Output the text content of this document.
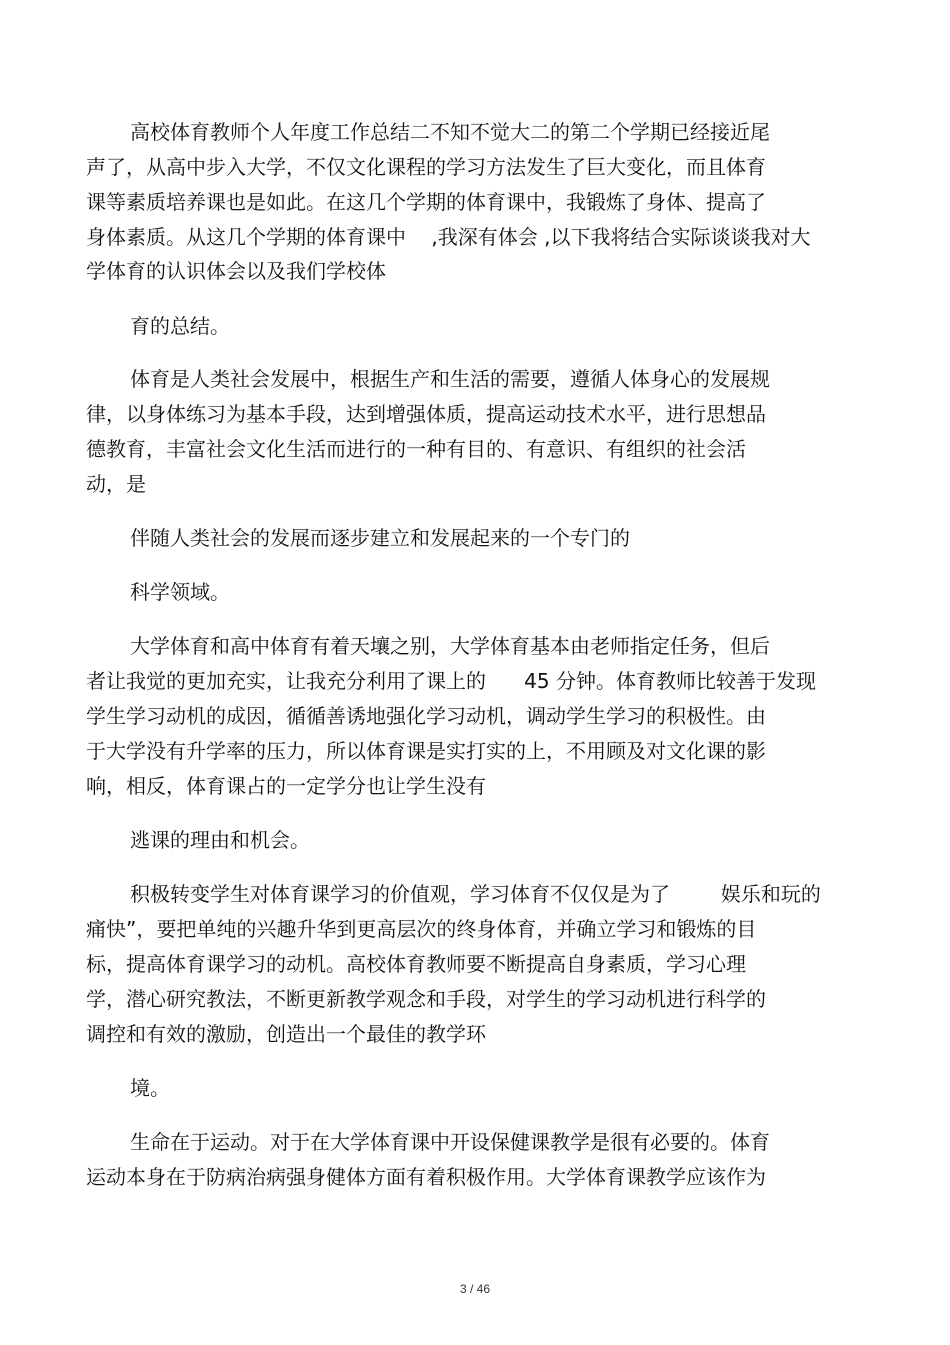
高校体育教师个人年度工作总结二不知不觉大二的第二个学期已经接近尾
声了，从高中步入大学，不仅文化课程的学习方法发生了巨大变化，而且体育
课等素质培养课也是如此。在这几个学期的体育课中，我锻炼了身体、提高了
身体素质。从这几个学期的体育课中    ,我深有体会 ,以下我将结合实际谈谈我对大
学体育的认识体会以及我们学校体
育的总结。
体育是人类社会发展中，根据生产和生活的需要，遵循人体身心的发展规
律，以身体练习为基本手段，达到增强体质，提高运动技术水平，进行思想品
德教育，丰富社会文化生活而进行的一种有目的、有意识、有组织的社会活
动，是
伴随人类社会的发展而逐步建立和发展起来的一个专门的
科学领域。
大学体育和高中体育有着天壤之别，大学体育基本由老师指定任务，但后
者让我觉的更加充实，让我充分利用了课上的      45 分钟。体育教师比较善于发现
学生学习动机的成因，循循善诱地强化学习动机，调动学生学习的积极性。由
于大学没有升学率的压力，所以体育课是实打实的上，不用顾及对文化课的影
响，相反，体育课占的一定学分也让学生没有
逃课的理由和机会。
积极转变学生对体育课学习的价值观，学习体育不仅仅是为了        娱乐和玩的
痛快”，要把单纯的兴趣升华到更高层次的终身体育，并确立学习和锻炼的目
标，提高体育课学习的动机。高校体育教师要不断提高自身素质，学习心理
学，潜心研究教法，不断更新教学观念和手段，对学生的学习动机进行科学的
调控和有效的激励，创造出一个最佳的教学环
境。
生命在于运动。对于在大学体育课中开设保健课教学是很有必要的。体育
运动本身在于防病治病强身健体方面有着积极作用。大学体育课教学应该作为
3 / 46
